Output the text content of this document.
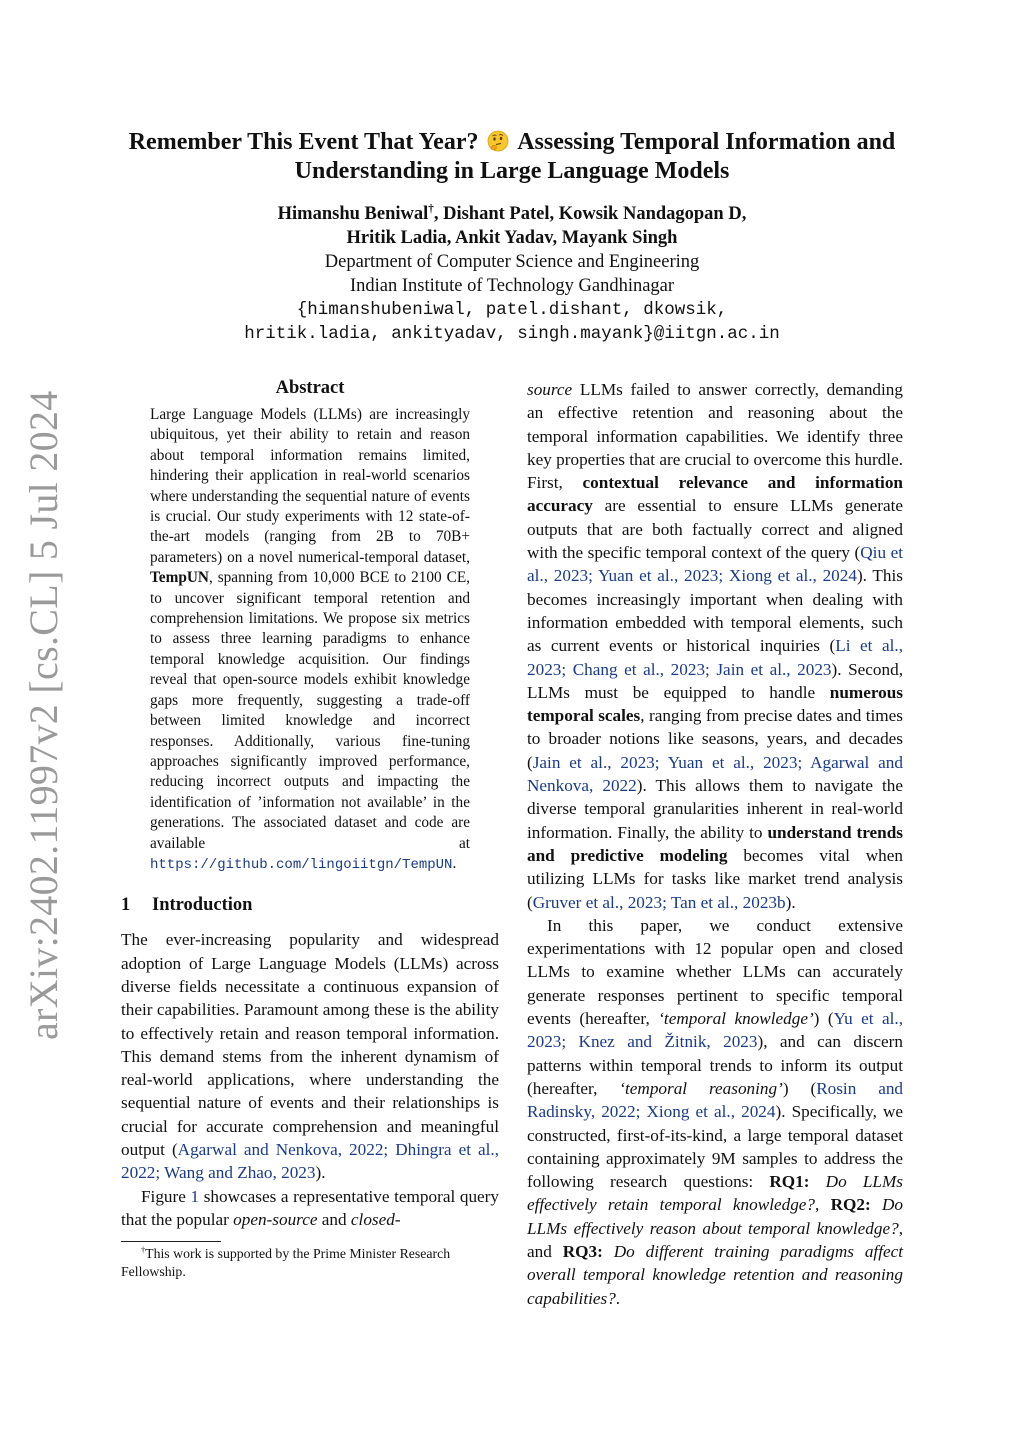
arXiv:2402.11997v2 [cs.CL] 5 Jul 2024
Remember This Event That Year? Assessing Temporal Information and Understanding in Large Language Models
Himanshu Beniwal†, Dishant Patel, Kowsik Nandagopan D,
Hritik Ladia, Ankit Yadav, Mayank Singh
Department of Computer Science and Engineering
Indian Institute of Technology Gandhinagar
{himanshubeniwal, patel.dishant, dkowsik,
hritik.ladia, ankityadav, singh.mayank}@iitgn.ac.in
Abstract

Large Language Models (LLMs) are increasingly ubiquitous, yet their ability to retain and reason about temporal information remains limited, hindering their application in real-world scenarios where understanding the sequential nature of events is crucial. Our study experiments with 12 state-of-the-art models (ranging from 2B to 70B+ parameters) on a novel numerical-temporal dataset, TempUN, spanning from 10,000 BCE to 2100 CE, to uncover significant temporal retention and comprehension limitations. We propose six metrics to assess three learning paradigms to enhance temporal knowledge acquisition. Our findings reveal that open-source models exhibit knowledge gaps more frequently, suggesting a trade-off between limited knowledge and incorrect responses. Additionally, various fine-tuning approaches significantly improved performance, reducing incorrect outputs and impacting the identification of ’information not available’ in the generations. The associated dataset and code are available at https://github.com/lingoiitgn/TempUN.

1 Introduction

The ever-increasing popularity and widespread adoption of Large Language Models (LLMs) across diverse fields necessitate a continuous expansion of their capabilities. Paramount among these is the ability to effectively retain and reason temporal information. This demand stems from the inherent dynamism of real-world applications, where understanding the sequential nature of events and their relationships is crucial for accurate comprehension and meaningful output (Agarwal and Nenkova, 2022; Dhingra et al., 2022; Wang and Zhao, 2023).

Figure 1 showcases a representative temporal query that the popular open-source and closed-

†This work is supported by the Prime Minister Research Fellowship.

source LLMs failed to answer correctly, demanding an effective retention and reasoning about the temporal information capabilities. We identify three key properties that are crucial to overcome this hurdle. First, contextual relevance and information accuracy are essential to ensure LLMs generate outputs that are both factually correct and aligned with the specific temporal context of the query (Qiu et al., 2023; Yuan et al., 2023; Xiong et al., 2024). This becomes increasingly important when dealing with information embedded with temporal elements, such as current events or historical inquiries (Li et al., 2023; Chang et al., 2023; Jain et al., 2023). Second, LLMs must be equipped to handle numerous temporal scales, ranging from precise dates and times to broader notions like seasons, years, and decades (Jain et al., 2023; Yuan et al., 2023; Agarwal and Nenkova, 2022). This allows them to navigate the diverse temporal granularities inherent in real-world information. Finally, the ability to understand trends and predictive modeling becomes vital when utilizing LLMs for tasks like market trend analysis (Gruver et al., 2023; Tan et al., 2023b).

In this paper, we conduct extensive experimentations with 12 popular open and closed LLMs to examine whether LLMs can accurately generate responses pertinent to specific temporal events (hereafter, ‘temporal knowledge’) (Yu et al., 2023; Knez and Žitnik, 2023), and can discern patterns within temporal trends to inform its output (hereafter, ‘temporal reasoning’) (Rosin and Radinsky, 2022; Xiong et al., 2024). Specifically, we constructed, first-of-its-kind, a large temporal dataset containing approximately 9M samples to address the following research questions: RQ1: Do LLMs effectively retain temporal knowledge?, RQ2: Do LLMs effectively reason about temporal knowledge?, and RQ3: Do different training paradigms affect overall temporal knowledge retention and reasoning capabilities?.
